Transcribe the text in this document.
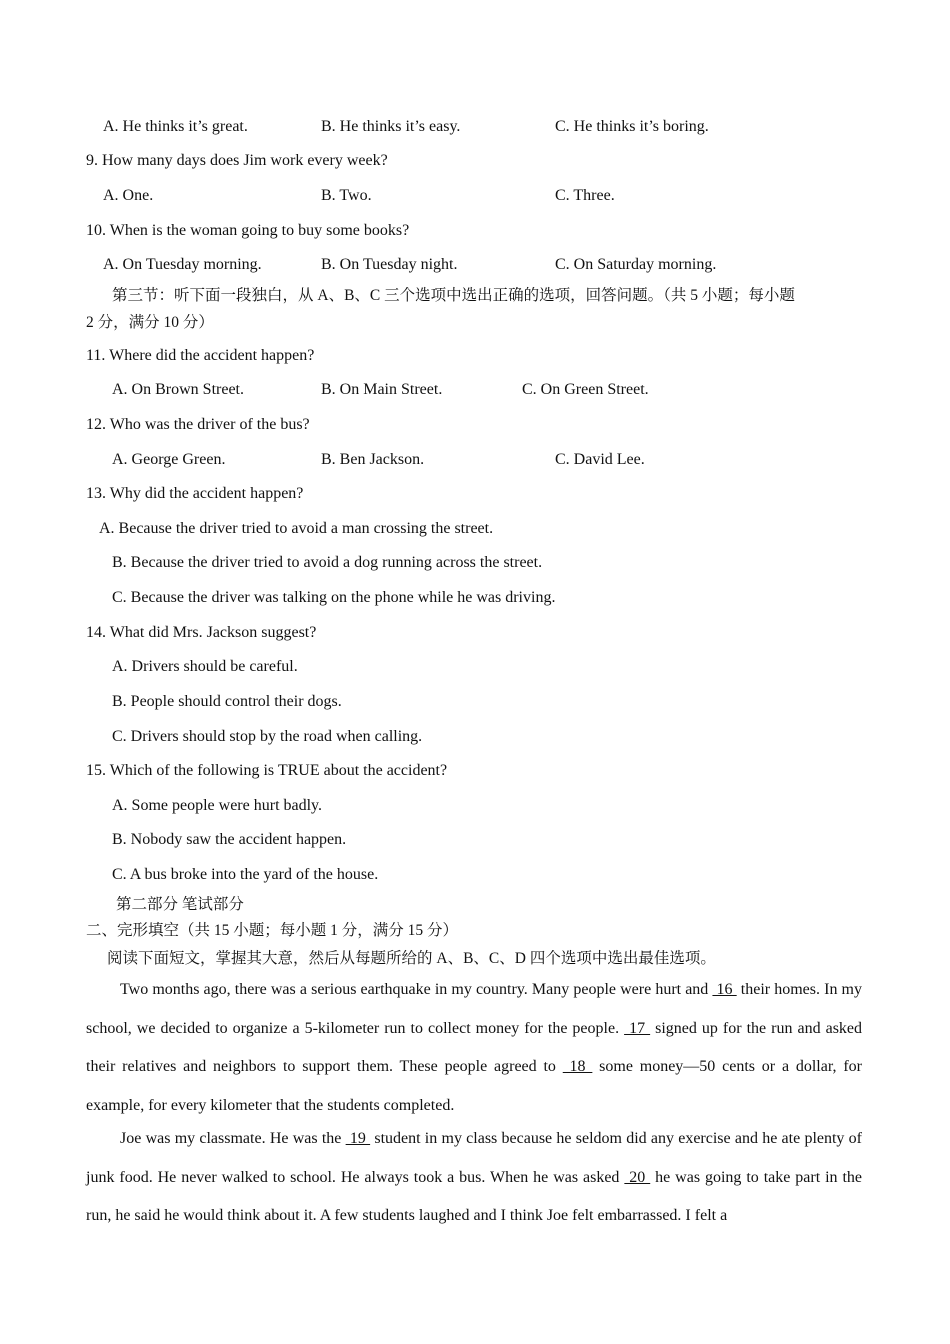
A. He thinks it’s great.	B. He thinks it’s easy.	C. He thinks it’s boring.
9. How many days does Jim work every week?
A. One.	B. Two.	C. Three.
10. When is the woman going to buy some books?
A. On Tuesday morning.	B. On Tuesday night.	C. On Saturday morning.
第三节：听下面一段独白，从 A、B、C 三个选项中选出正确的选项，回答问题。（共 5 小题；每小题
2 分，满分 10 分）
11. Where did the accident happen?
A. On Brown Street.	B. On Main Street.	C. On Green Street.
12. Who was the driver of the bus?
A. George Green.	B. Ben Jackson.	C. David Lee.
13. Why did the accident happen?
A. Because the driver tried to avoid a man crossing the street.
B. Because the driver tried to avoid a dog running across the street.
C. Because the driver was talking on the phone while he was driving.
14. What did Mrs. Jackson suggest?
A. Drivers should be careful.
B. People should control their dogs.
C. Drivers should stop by the road when calling.
15. Which of the following is TRUE about the accident?
A. Some people were hurt badly.
B. Nobody saw the accident happen.
C. A bus broke into the yard of the house.
第二部分 笔试部分
二、完形填空（共 15 小题；每小题 1 分，满分 15 分）
阅读下面短文，掌握其大意，然后从每题所给的 A、B、C、D 四个选项中选出最佳选项。
Two months ago, there was a serious earthquake in my country. Many people were hurt and  16  their homes. In my school, we decided to organize a 5-kilometer run to collect money for the people.  17  signed up for the run and asked their relatives and neighbors to support them. These people agreed to  18  some money—50 cents or a dollar, for example, for every kilometer that the students completed.
Joe was my classmate. He was the  19  student in my class because he seldom did any exercise and he ate plenty of junk food. He never walked to school. He always took a bus. When he was asked  20  he was going to take part in the run, he said he would think about it. A few students laughed and I think Joe felt embarrassed. I felt a
